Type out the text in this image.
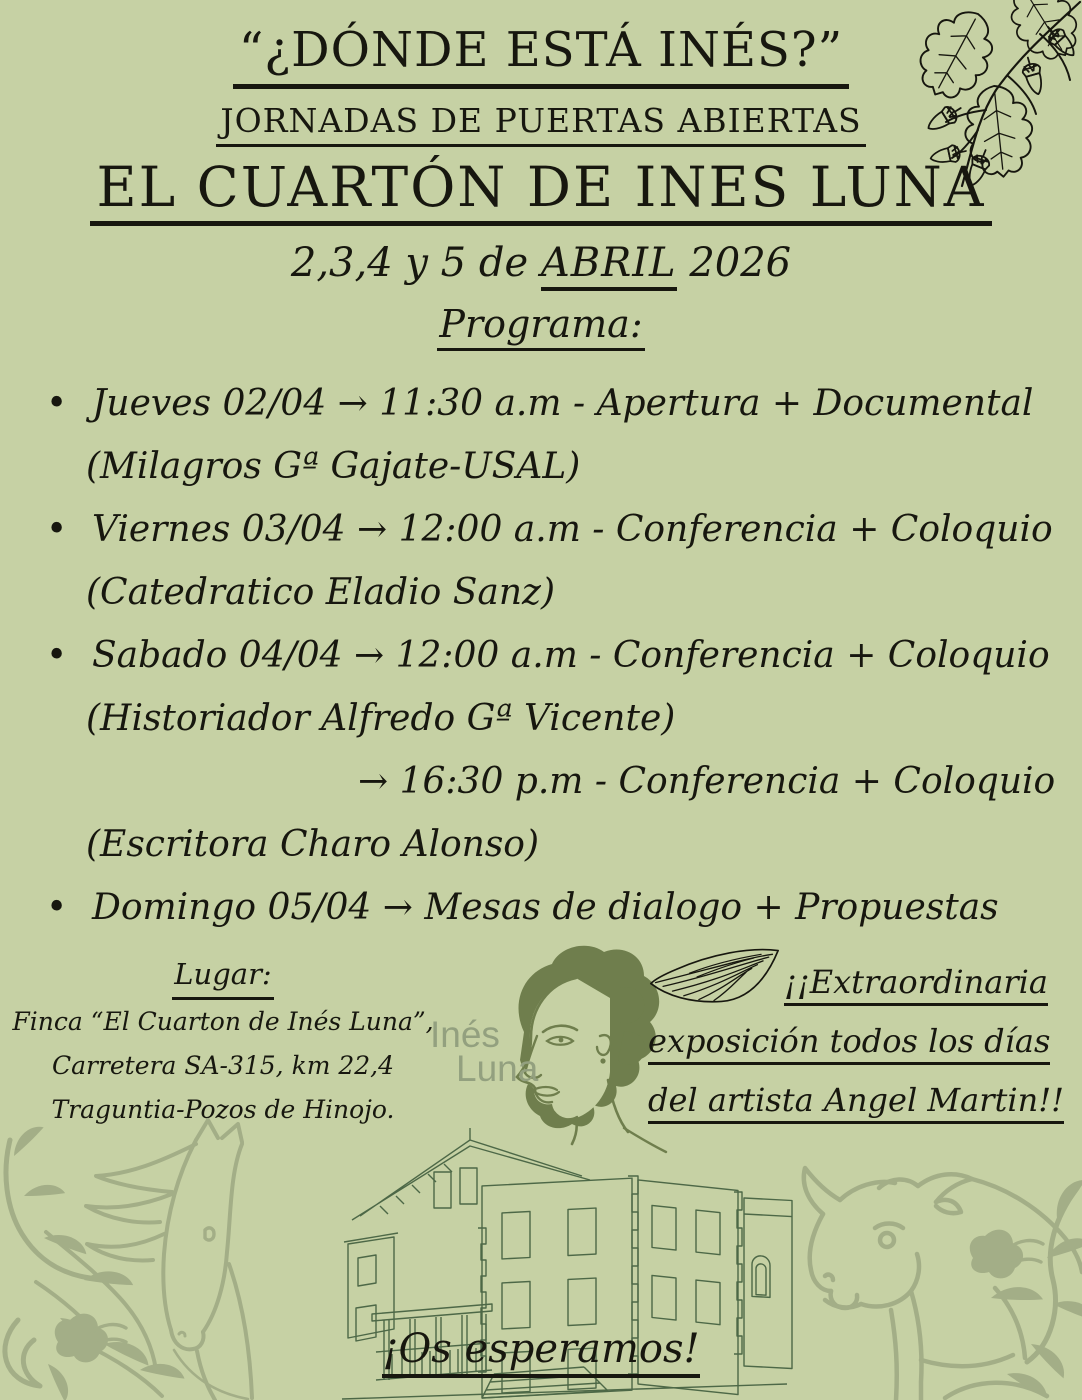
“¿DÓNDE ESTÁ INÉS?”
JORNADAS DE PUERTAS ABIERTAS
EL CUARTÓN DE INES LUNA
2,3,4 y 5 de ABRIL 2026
Programa:
• Jueves 02/04 → 11:30 a.m - Apertura + Documental
(Milagros Gª Gajate-USAL)
• Viernes 03/04 → 12:00 a.m - Conferencia + Coloquio
(Catedratico Eladio Sanz)
• Sabado 04/04 → 12:00 a.m - Conferencia + Coloquio
(Historiador Alfredo Gª Vicente)
→ 16:30 p.m - Conferencia + Coloquio
(Escritora Charo Alonso)
• Domingo 05/04 → Mesas de dialogo + Propuestas
Lugar:
Finca “El Cuarton de Inés Luna”,
Carretera SA-315, km 22,4
Traguntia-Pozos de Hinojo.
Inés
Luna
¡¡Extraordinaria
exposición todos los días
del artista Angel Martin!!
¡Os esperamos!
